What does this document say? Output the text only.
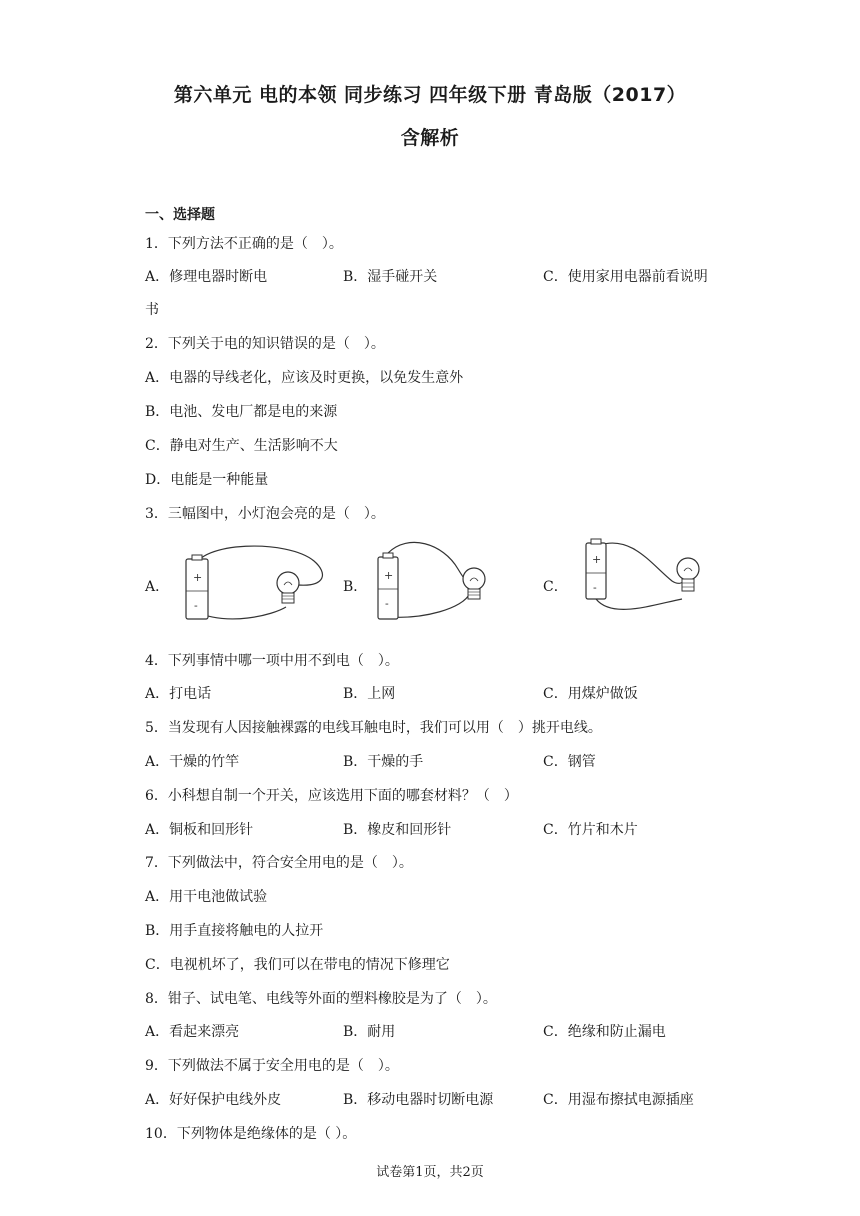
第六单元 电的本领 同步练习 四年级下册 青岛版（2017）
含解析
一、选择题
1．下列方法不正确的是（　）。
A．修理电器时断电	B．湿手碰开关	C．使用家用电器前看说明
书
2．下列关于电的知识错误的是（　）。
A．电器的导线老化，应该及时更换，以免发生意外
B．电池、发电厂都是电的来源
C．静电对生产、生活影响不大
D．电能是一种能量
3．三幅图中，小灯泡会亮的是（　）。
A．
+
-
B．
+
-
C．
+
-
4．下列事情中哪一项中用不到电（　）。
A．打电话	B．上网	C．用煤炉做饭
5．当发现有人因接触裸露的电线耳触电时，我们可以用（　）挑开电线。
A．干燥的竹竿	B．干燥的手	C．钢管
6．小科想自制一个开关，应该选用下面的哪套材料？（　）
A．铜板和回形针	B．橡皮和回形针	C．竹片和木片
7．下列做法中，符合安全用电的是（　）。
A．用干电池做试验
B．用手直接将触电的人拉开
C．电视机坏了，我们可以在带电的情况下修理它
8．钳子、试电笔、电线等外面的塑料橡胶是为了（　）。
A．看起来漂亮	B．耐用	C．绝缘和防止漏电
9．下列做法不属于安全用电的是（　）。
A．好好保护电线外皮	B．移动电器时切断电源	C．用湿布擦拭电源插座
10．下列物体是绝缘体的是（ ）。
试卷第1页，共2页
